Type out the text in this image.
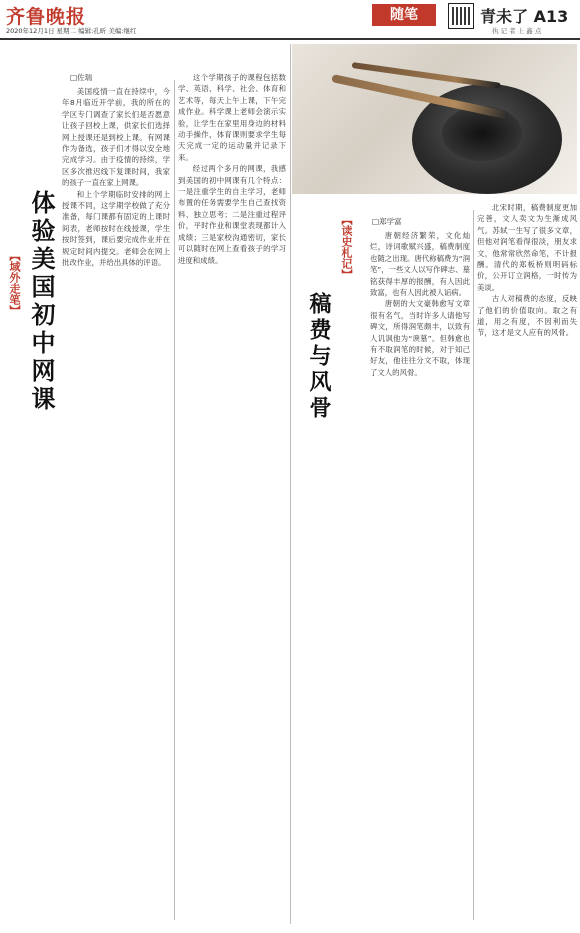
齐鲁晚报
2020年12月1日 星期二 编辑:孔昕 美编:继红
随笔	青未了 A13
执 记 者 上 鑫 点
体验美国初中网课
【域外走笔】
□佐瑞

美国疫情一直在持续中，今年8月临近开学前，我的所在的学区专门调查了家长们是否愿意让孩子回校上课，供家长们选择网上授课还是到校上课。有网课作为备选，孩子们才得以安全地完成学习。由于疫情的持续，学区多次推迟线下复课时间，我家的孩子一直在家上网课。

和上个学期临时安排的网上授课不同，这学期学校做了充分准备，每门课都有固定的上课时间表，老师按时在线授课，学生按时签到，课后要完成作业并在规定时间内提交。老师会在网上批改作业，并给出具体的评语。

这个学期孩子的课程包括数学、英语、科学、社会、体育和艺术等，每天上午上课，下午完成作业。科学课上老师会演示实验，让学生在家里用身边的材料动手操作，体育课则要求学生每天完成一定的运动量并记录下来。

经过两个多月的网课，我感到美国的初中网课有几个特点：一是注重学生的自主学习，老师布置的任务需要学生自己查找资料、独立思考；二是注重过程评价，平时作业和课堂表现都计入成绩；三是家校沟通密切，家长可以随时在网上查看孩子的学习进度和成绩。

稿费与风骨
【读史札记】	□郑学富

唐朝经济繁荣，文化灿烂，诗词歌赋兴盛，稿费制度也随之出现。唐代称稿费为“润笔”，一些文人以写作碑志、墓铭获得丰厚的报酬，有人因此致富，也有人因此被人诟病。

唐朝的大文豪韩愈写文章很有名气，当时许多人请他写碑文，所得润笔颇丰，以致有人讥讽他为“谀墓”。但韩愈也有不取润笔的时候，对于知己好友，他往往分文不取，体现了文人的风骨。

北宋时期，稿费制度更加完善，文人卖文为生渐成风气。苏轼一生写了很多文章，但他对润笔看得很淡，朋友求文，他常常欣然命笔，不计报酬。清代的郑板桥则明码标价，公开订立润格，一时传为美谈。

古人对稿费的态度，反映了他们的价值取向。取之有道，用之有度，不因利而失节，这才是文人应有的风骨。
